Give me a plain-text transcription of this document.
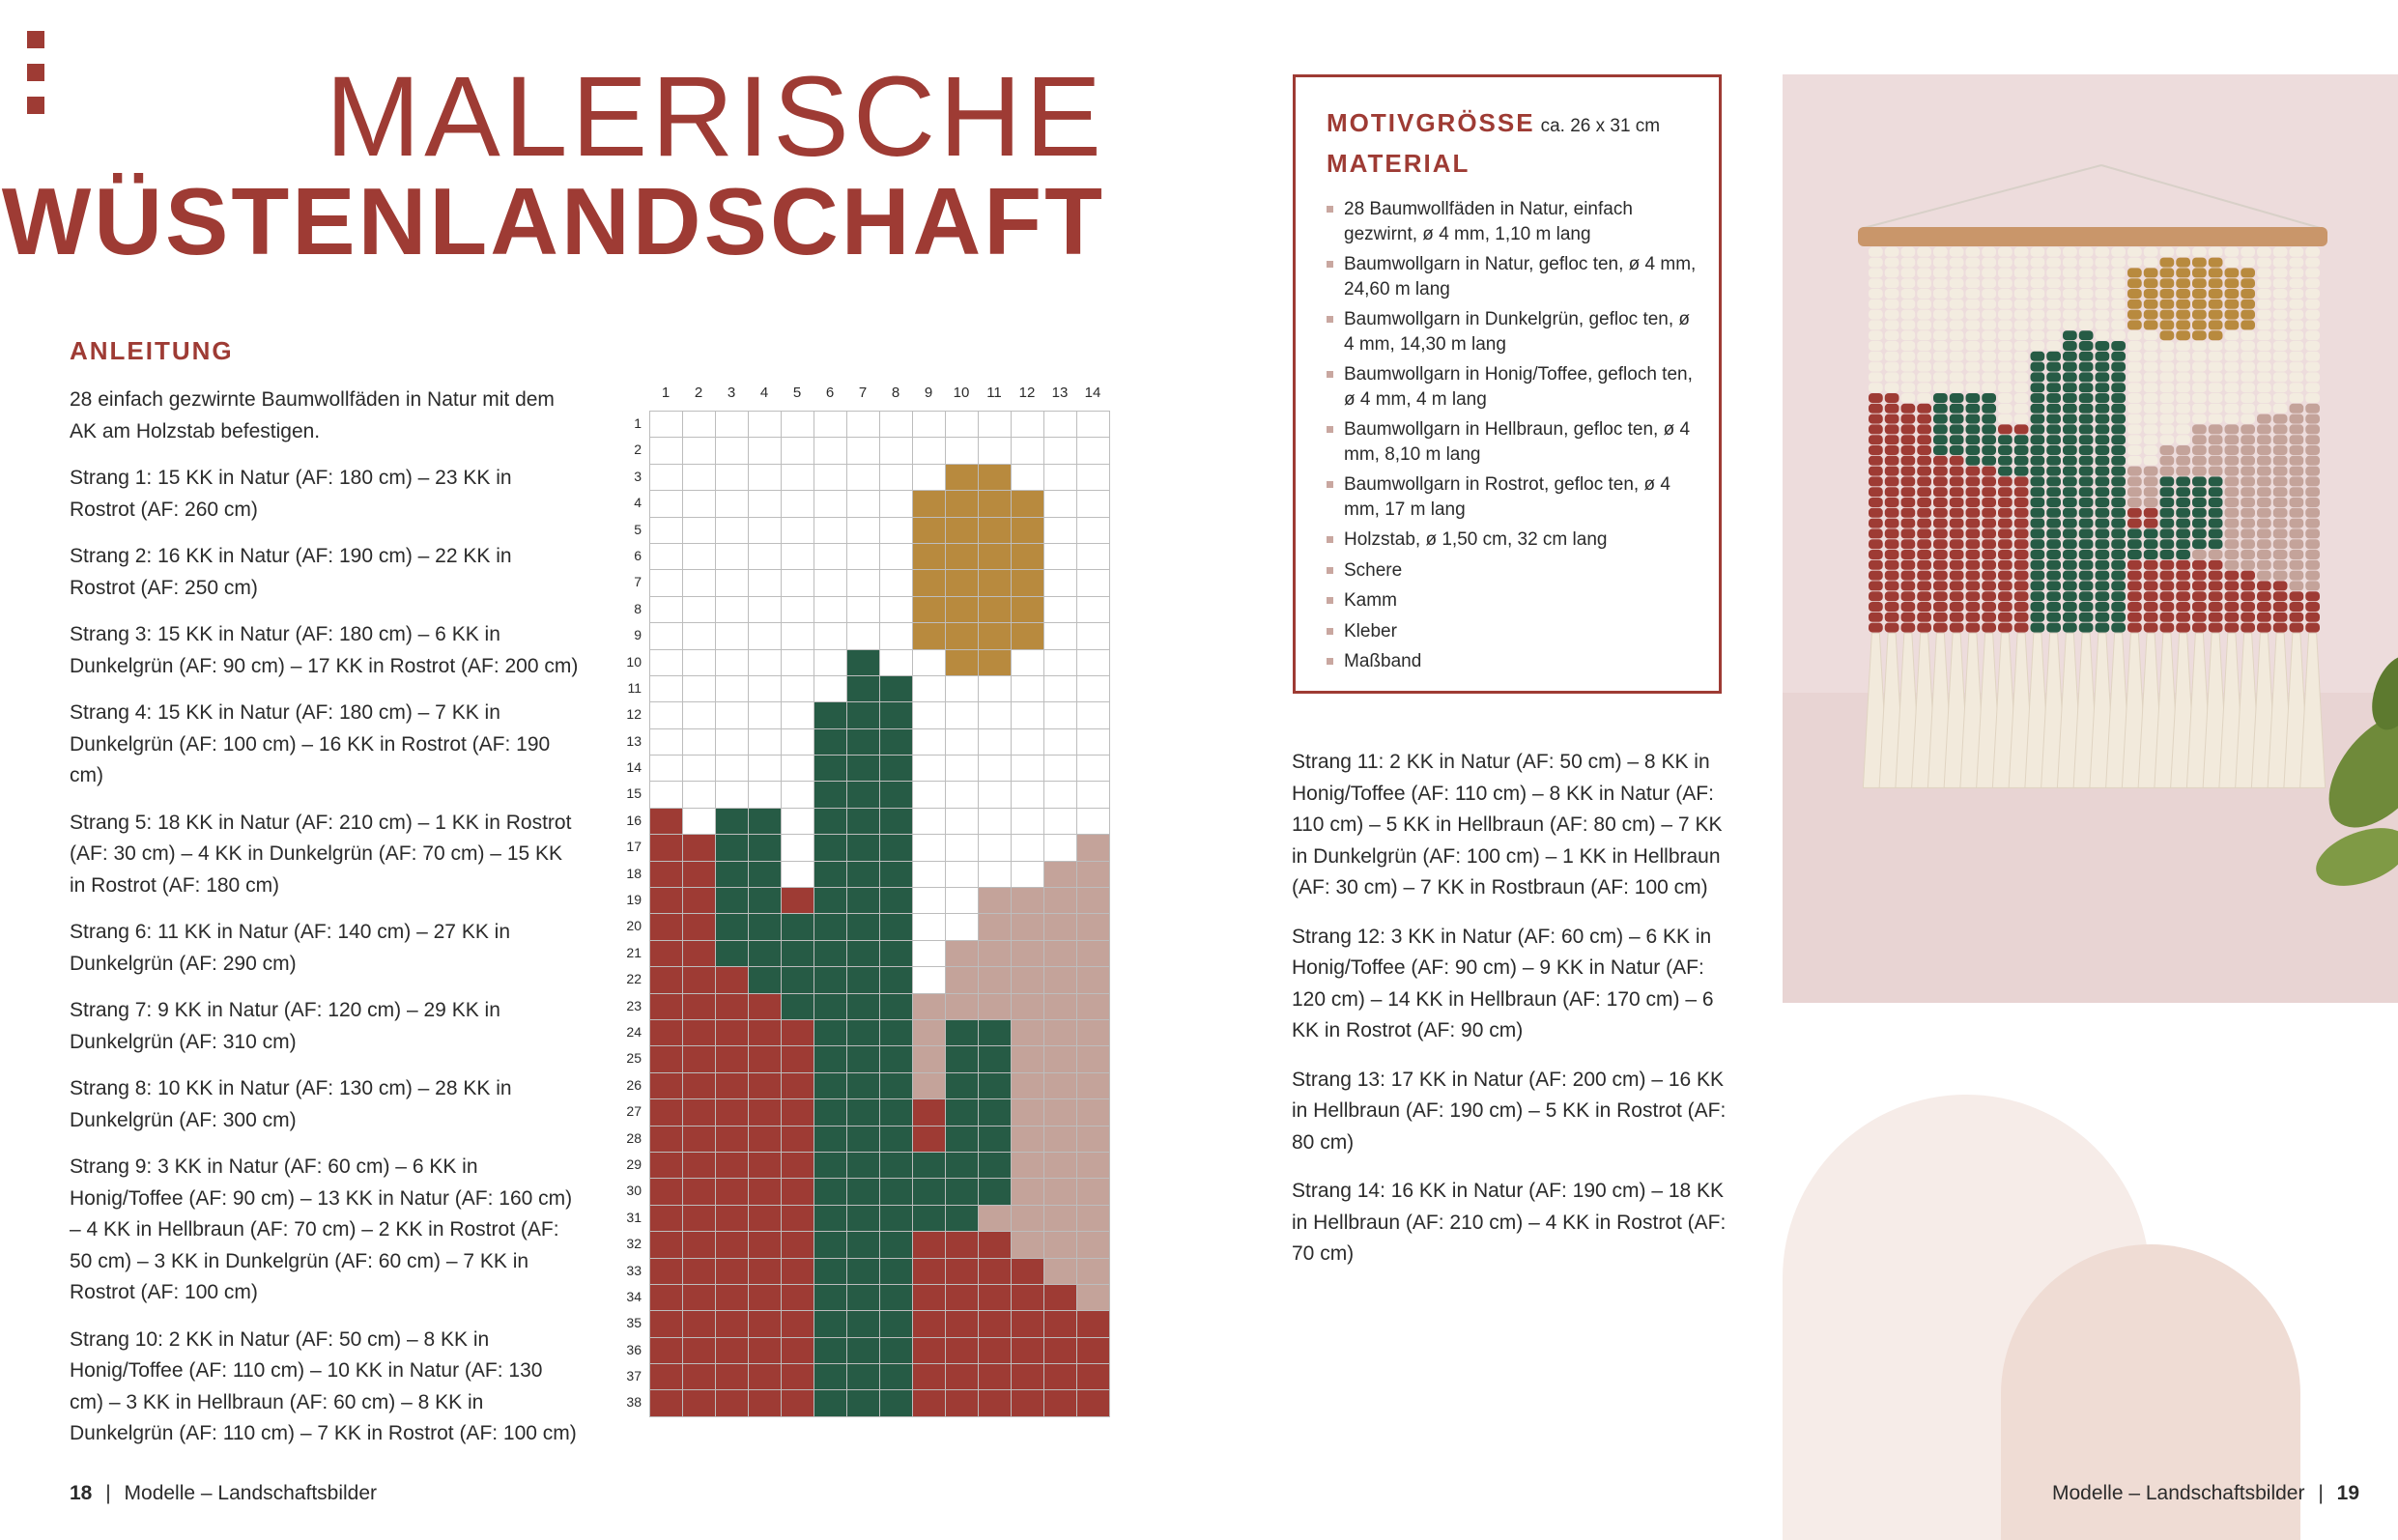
MALERISCHE
WÜSTENLANDSCHAFT
ANLEITUNG

28 einfach gezwirnte Baumwollfäden in Natur mit dem AK am Holzstab befestigen.

Strang 1: 15 KK in Natur (AF: 180 cm) – 23 KK in Rostrot (AF: 260 cm)

Strang 2: 16 KK in Natur (AF: 190 cm) – 22 KK in Rostrot (AF: 250 cm)

Strang 3: 15 KK in Natur (AF: 180 cm) – 6 KK in Dunkelgrün (AF: 90 cm) – 17 KK in Rostrot (AF: 200 cm)

Strang 4: 15 KK in Natur (AF: 180 cm) – 7 KK in Dunkelgrün (AF: 100 cm) – 16 KK in Rostrot (AF: 190 cm)

Strang 5: 18 KK in Natur (AF: 210 cm) – 1 KK in Rostrot (AF: 30 cm) – 4 KK in Dunkelgrün (AF: 70 cm) – 15 KK in Rostrot (AF: 180 cm)

Strang 6: 11 KK in Natur (AF: 140 cm) – 27 KK in Dunkelgrün (AF: 290 cm)

Strang 7: 9 KK in Natur (AF: 120 cm) – 29 KK in Dunkelgrün (AF: 310 cm)

Strang 8: 10 KK in Natur (AF: 130 cm) – 28 KK in Dunkelgrün (AF: 300 cm)

Strang 9: 3 KK in Natur (AF: 60 cm) – 6 KK in Honig/Toffee (AF: 90 cm) – 13 KK in Natur (AF: 160 cm) – 4 KK in Hellbraun (AF: 70 cm) – 2 KK in Rostrot (AF: 50 cm) – 3 KK in Dunkelgrün (AF: 60 cm) – 7 KK in Rostrot (AF: 100 cm)

Strang 10: 2 KK in Natur (AF: 50 cm) – 8 KK in Honig/Toffee (AF: 110 cm) – 10 KK in Natur (AF: 130 cm) – 3 KK in Hellbraun (AF: 60 cm) – 8 KK in Dunkelgrün (AF: 110 cm) – 7 KK in Rostrot (AF: 100 cm)

1	2	3	4	5	6	7	8	9	10	11	12	13	14
1
2
3
4
5
6
7
8
9
10
11
12
13
14
15
16
17
18
19
20
21
22
23
24
25
26
27
28
29
30
31
32
33
34
35
36
37
38
MOTIVGRÖSSE ca. 26 x 31 cm
MATERIAL
28 Baumwollfäden in Natur, einfach gezwirnt, ø 4 mm, 1,10 m lang
Baumwollgarn in Natur, gefloc ten, ø 4 mm, 24,60 m lang
Baumwollgarn in Dunkelgrün, gefloc ten, ø 4 mm, 14,30 m lang
Baumwollgarn in Honig/Toffee, gefloch ten, ø 4 mm, 4 m lang
Baumwollgarn in Hellbraun, gefloc ten, ø 4 mm, 8,10 m lang
Baumwollgarn in Rostrot, gefloc ten, ø 4 mm, 17 m lang
Holzstab, ø 1,50 cm, 32 cm lang
Schere
Kamm
Kleber
Maßband

Strang 11: 2 KK in Natur (AF: 50 cm) – 8 KK in Honig/Toffee (AF: 110 cm) – 8 KK in Natur (AF: 110 cm) – 5 KK in Hellbraun (AF: 80 cm) – 7 KK in Dunkelgrün (AF: 100 cm) – 1 KK in Hellbraun (AF: 30 cm) – 7 KK in Rostbraun (AF: 100 cm)

Strang 12: 3 KK in Natur (AF: 60 cm) – 6 KK in Honig/Toffee (AF: 90 cm) – 9 KK in Natur (AF: 120 cm) – 14 KK in Hellbraun (AF: 170 cm) – 6 KK in Rostrot (AF: 90 cm)

Strang 13: 17 KK in Natur (AF: 200 cm) – 16 KK in Hellbraun (AF: 190 cm) – 5 KK in Rostrot (AF: 80 cm)

Strang 14: 16 KK in Natur (AF: 190 cm) – 18 KK in Hellbraun (AF: 210 cm) – 4 KK in Rostrot (AF: 70 cm)

18 | Modelle – Landschaftsbilder	Modelle – Landschaftsbilder | 19
